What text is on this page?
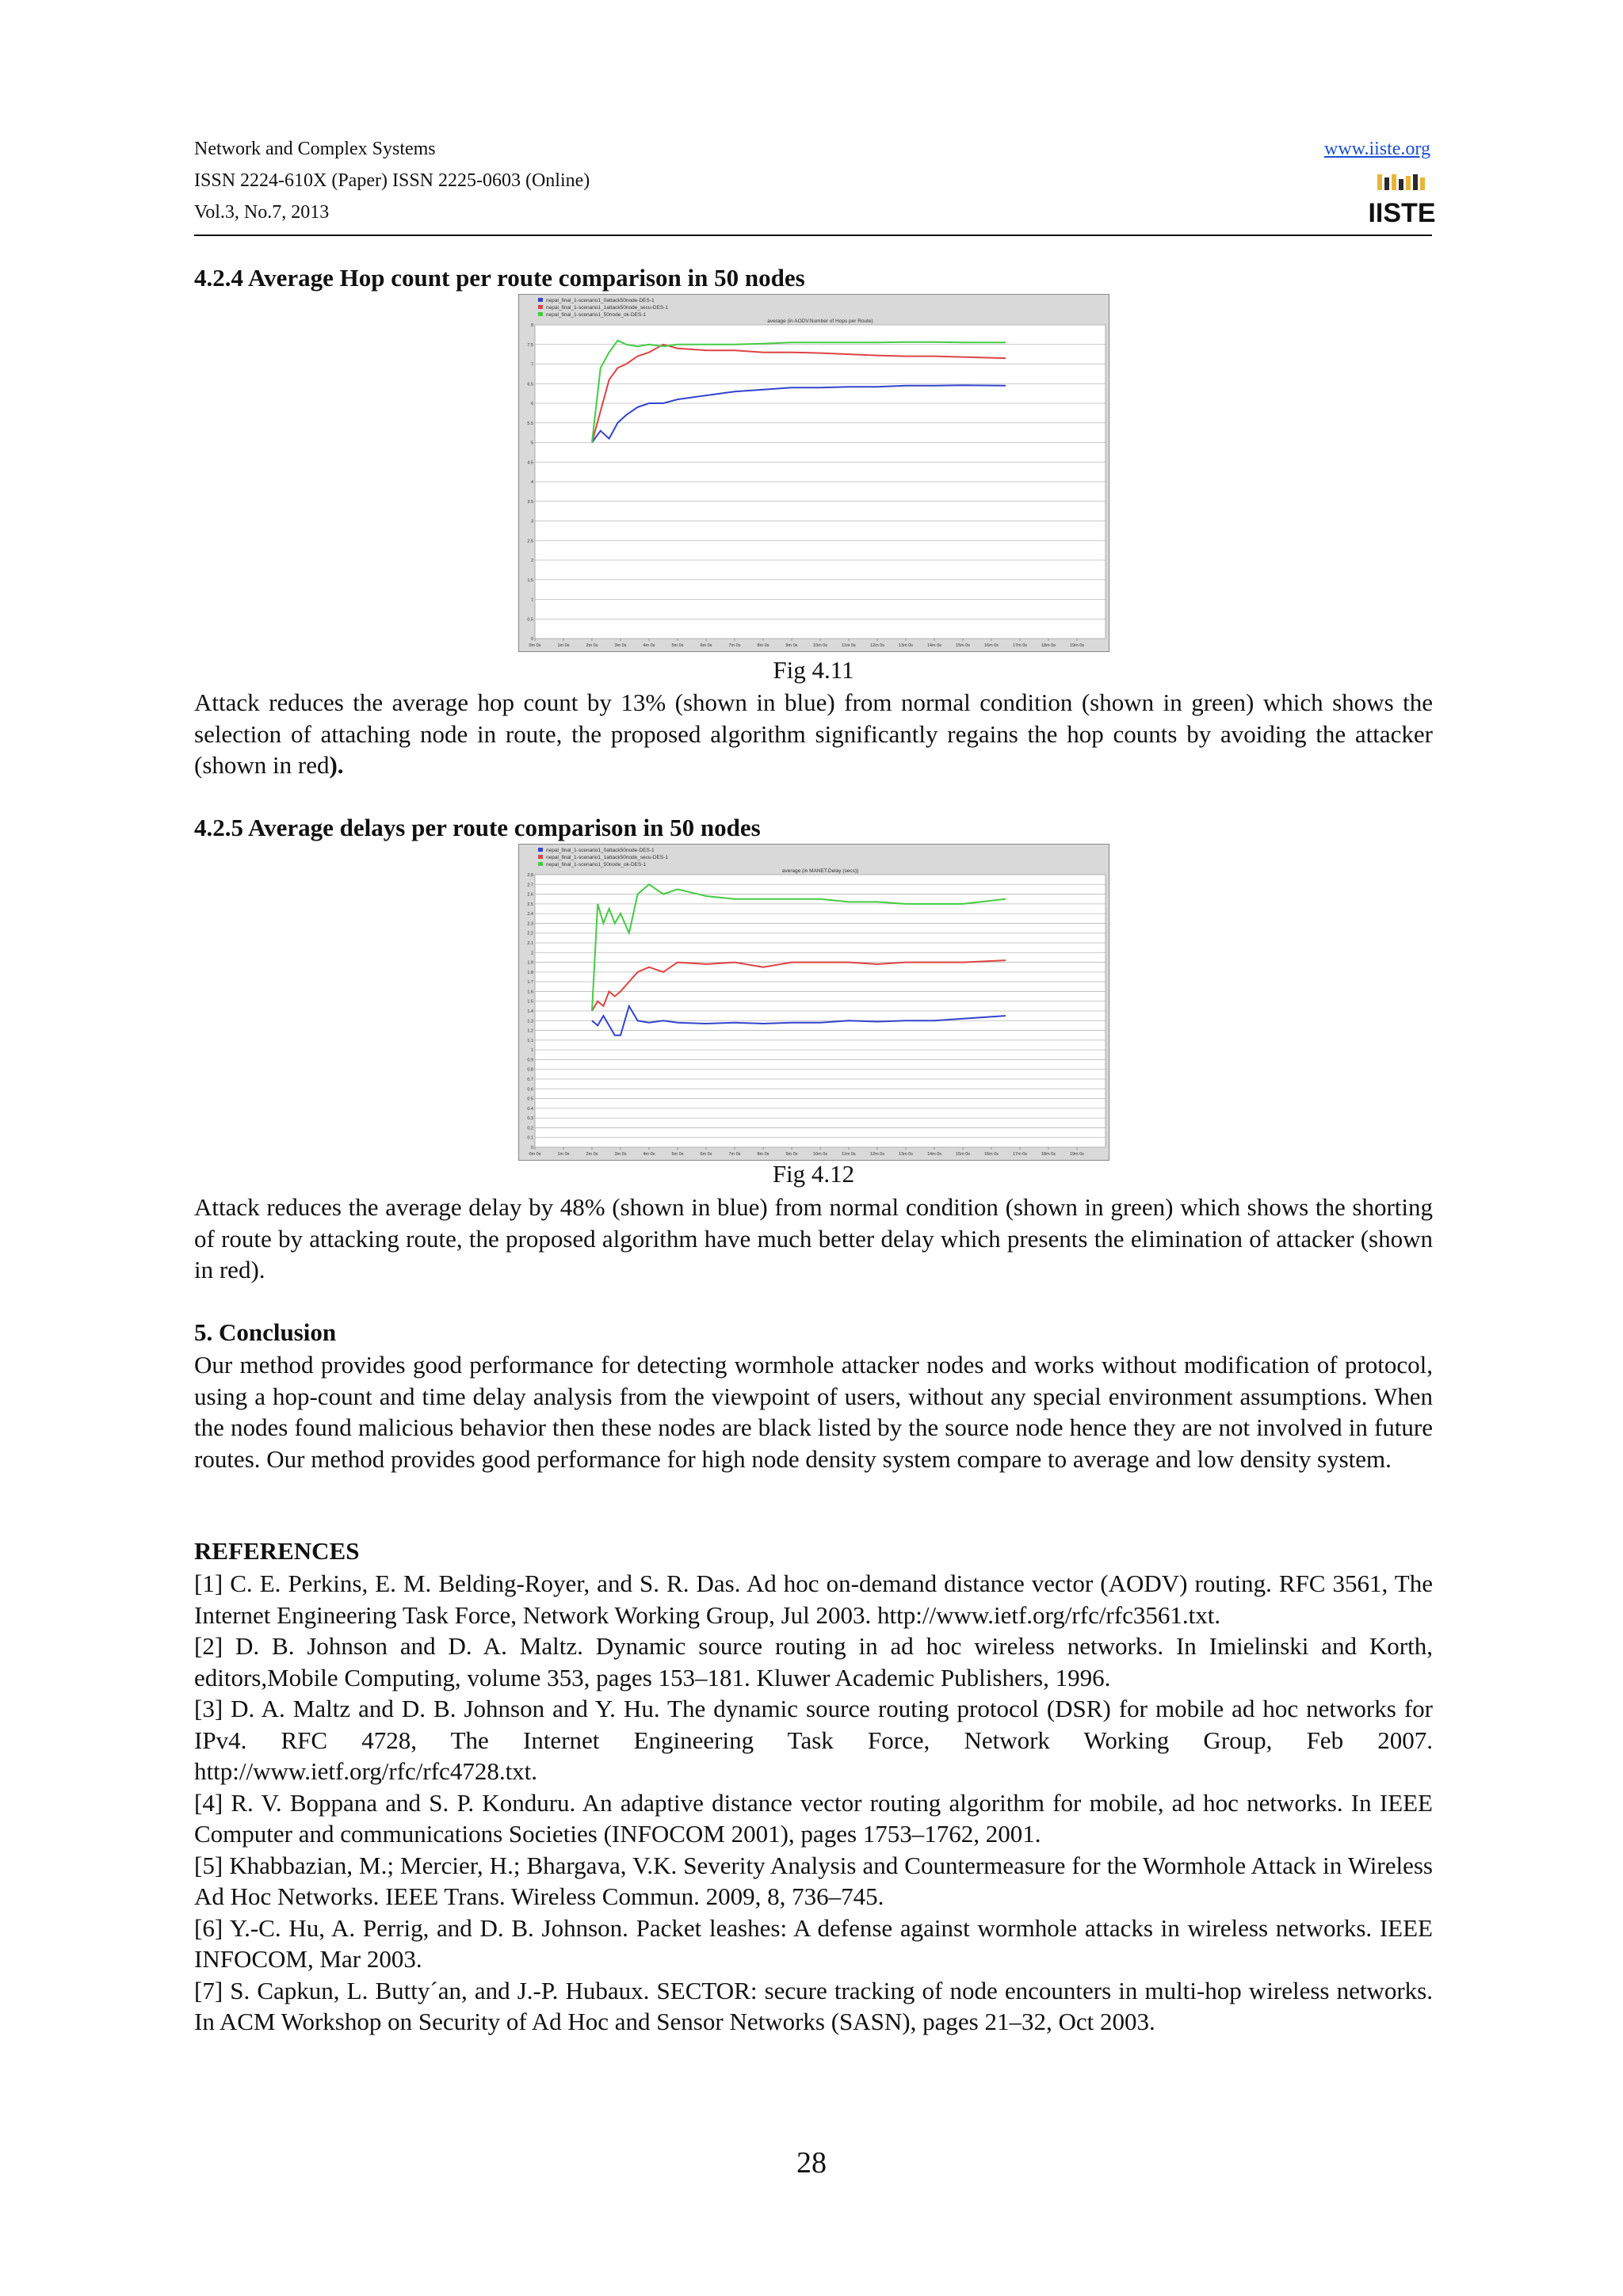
Network and Complex Systems
ISSN 2224-610X (Paper) ISSN 2225-0603 (Online)
Vol.3, No.7, 2013
www.iiste.org
IISTE
4.2.4 Average Hop count per route comparison in 50 nodes
nepal_final_1-scenario1_0attack50node-DES-1
nepal_final_1-scenario1_1attack50node_secu-DES-1
nepal_final_1-scenario1_50node_ok-DES-1
average (in AODV.Number of Hops per Route)
0
0.5
1
1.5
2
2.5
3
3.5
4
4.5
5
5.5
6
6.5
7
7.5
8
0m 0s	1m 0s	2m 0s	3m 0s	4m 0s	5m 0s	6m 0s	7m 0s	8m 0s	9m 0s	10m 0s	11m 0s	12m 0s	13m 0s	14m 0s	15m 0s	16m 0s	17m 0s	18m 0s	19m 0s
Fig 4.11
Attack reduces the average hop count by 13% (shown in blue) from normal condition (shown in green) which shows the selection of attaching node in route, the proposed algorithm significantly regains the hop counts by avoiding the attacker (shown in red).
4.2.5 Average delays per route comparison in 50 nodes
nepal_final_1-scenario1_0attack50node-DES-1
nepal_final_1-scenario1_1attack50node_secu-DES-1
nepal_final_1-scenario1_50node_ok-DES-1
average (in MANET.Delay (secs))
0
0.1
0.2
0.3
0.4
0.5
0.6
0.7
0.8
0.9
1
1.1
1.2
1.3
1.4
1.5
1.6
1.7
1.8
1.9
2
2.1
2.2
2.3
2.4
2.5
2.6
2.7
2.8
0m 0s	1m 0s	2m 0s	3m 0s	4m 0s	5m 0s	6m 0s	7m 0s	8m 0s	9m 0s	10m 0s	11m 0s	12m 0s	13m 0s	14m 0s	15m 0s	16m 0s	17m 0s	18m 0s	19m 0s
Fig 4.12
Attack reduces the average delay by 48% (shown in blue) from normal condition (shown in green) which shows the shorting of route by attacking route, the proposed algorithm have much better delay which presents the elimination of attacker (shown in red).
5. Conclusion
Our method provides good performance for detecting wormhole attacker nodes and works without modification of protocol, using a hop-count and time delay analysis from the viewpoint of users, without any special environment assumptions. When the nodes found malicious behavior then these nodes are black listed by the source node hence they are not involved in future routes. Our method provides good performance for high node density system compare to average and low density system.
REFERENCES

[1] C. E. Perkins, E. M. Belding-Royer, and S. R. Das. Ad hoc on-demand distance vector (AODV) routing. RFC 3561, The Internet Engineering Task Force, Network Working Group, Jul 2003. http://www.ietf.org/rfc/rfc3561.txt.

[2] D. B. Johnson and D. A. Maltz. Dynamic source routing in ad hoc wireless networks. In Imielinski and Korth, editors,Mobile Computing, volume 353, pages 153–181. Kluwer Academic Publishers, 1996.

[3] D. A. Maltz and D. B. Johnson and Y. Hu. The dynamic source routing protocol (DSR) for mobile ad hoc networks for IPv4. RFC 4728, The Internet Engineering Task Force, Network Working Group, Feb 2007. http://www.ietf.org/rfc/rfc4728.txt.

[4] R. V. Boppana and S. P. Konduru. An adaptive distance vector routing algorithm for mobile, ad hoc networks. In IEEE Computer and communications Societies (INFOCOM 2001), pages 1753–1762, 2001.

[5] Khabbazian, M.; Mercier, H.; Bhargava, V.K. Severity Analysis and Countermeasure for the Wormhole Attack in Wireless Ad Hoc Networks. IEEE Trans. Wireless Commun. 2009, 8, 736–745.

[6] Y.-C. Hu, A. Perrig, and D. B. Johnson. Packet leashes: A defense against wormhole attacks in wireless networks. IEEE INFOCOM, Mar 2003.

[7] S. Capkun, L. Butty´an, and J.-P. Hubaux. SECTOR: secure tracking of node encounters in multi-hop wireless networks. In ACM Workshop on Security of Ad Hoc and Sensor Networks (SASN), pages 21–32, Oct 2003.

28
